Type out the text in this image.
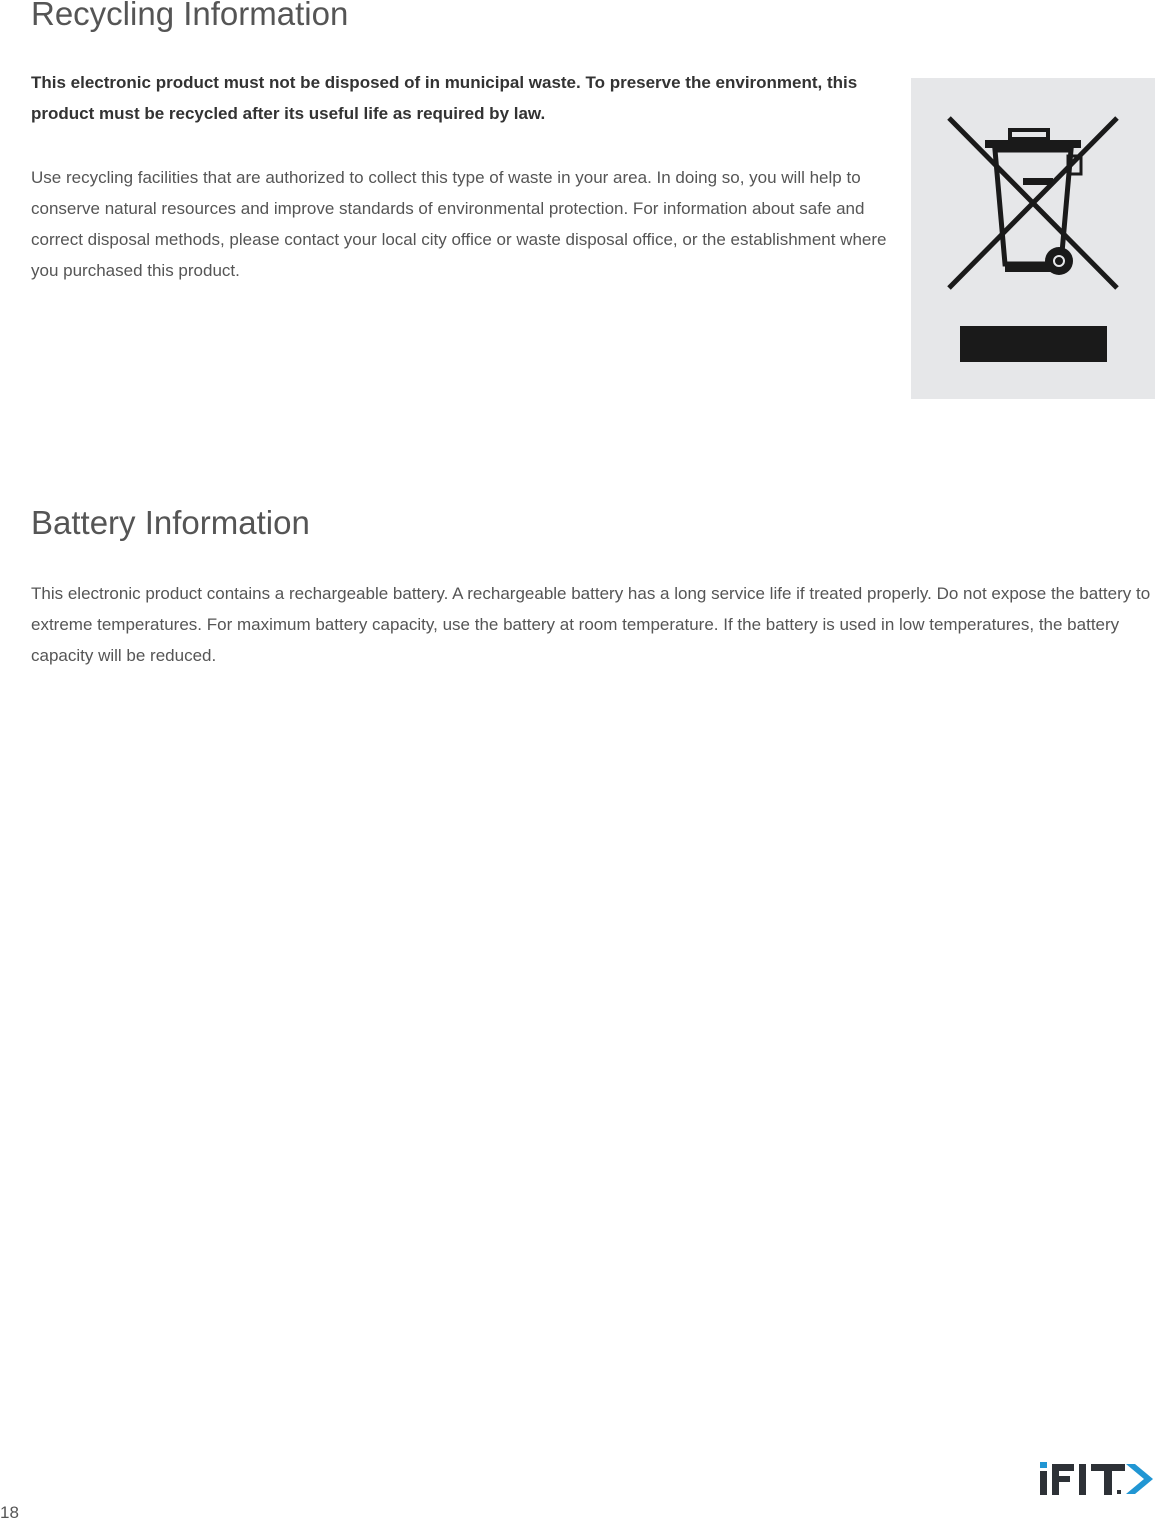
Recycling Information

This electronic product must not be disposed of in municipal waste. To preserve the environment, this product must be recycled after its useful life as required by law.

Use recycling facilities that are authorized to collect this type of waste in your area. In doing so, you will help to conserve natural resources and improve standards of environmental protection. For information about safe and correct disposal methods, please contact your local city office or waste disposal office, or the establishment where you purchased this product.

Battery Information

This electronic product contains a rechargeable battery. A rechargeable battery has a long service life if treated properly. Do not expose the battery to extreme temperatures. For maximum battery capacity, use the battery at room temperature. If the battery is used in low temperatures, the battery capacity will be reduced.

18
